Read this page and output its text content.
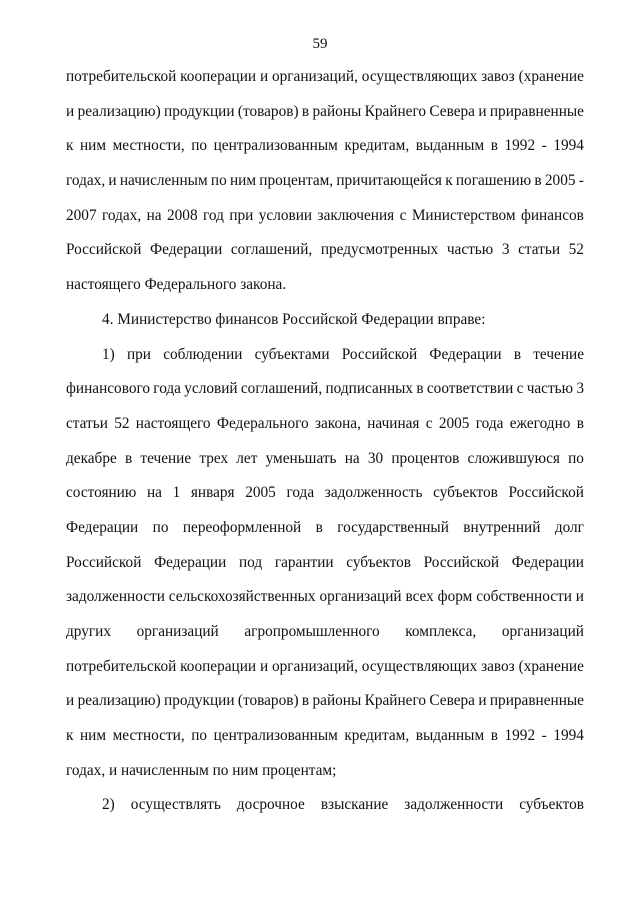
59
потребительской кооперации и организаций, осуществляющих завоз (хранение
и реализацию) продукции (товаров) в районы Крайнего Севера и приравненные
к ним местности, по централизованным кредитам, выданным в 1992 - 1994
годах, и начисленным по ним процентам, причитающейся к погашению в 2005 -
2007 годах, на 2008 год при условии заключения с Министерством финансов
Российской Федерации соглашений, предусмотренных частью 3 статьи 52
настоящего Федерального закона.
4. Министерство финансов Российской Федерации вправе:
1) при соблюдении субъектами Российской Федерации в течение
финансового года условий соглашений, подписанных в соответствии с частью 3
статьи 52 настоящего Федерального закона, начиная с 2005 года ежегодно в
декабре в течение трех лет уменьшать на 30 процентов сложившуюся по
состоянию на 1 января 2005 года задолженность субъектов Российской
Федерации по переоформленной в государственный внутренний долг
Российской Федерации под гарантии субъектов Российской Федерации
задолженности сельскохозяйственных организаций всех форм собственности и
других организаций агропромышленного комплекса, организаций
потребительской кооперации и организаций, осуществляющих завоз (хранение
и реализацию) продукции (товаров) в районы Крайнего Севера и приравненные
к ним местности, по централизованным кредитам, выданным в 1992 - 1994
годах, и начисленным по ним процентам;
2) осуществлять досрочное взыскание задолженности субъектов
